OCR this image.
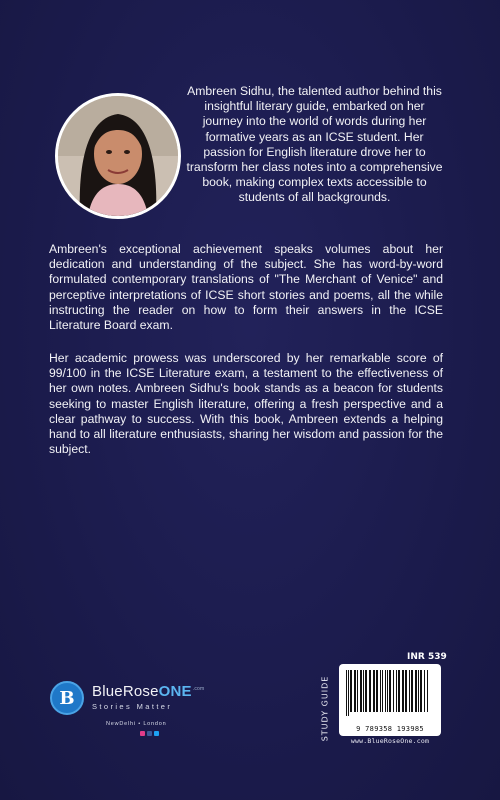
Ambreen Sidhu, the talented author behind this insightful literary guide, embarked on her journey into the world of words during her formative years as an ICSE student. Her passion for English literature drove her to transform her class notes into a comprehensive book, making complex texts accessible to students of all backgrounds.

Ambreen's exceptional achievement speaks volumes about her dedication and understanding of the subject. She has word-by-word formulated contemporary translations of "The Merchant of Venice" and perceptive interpretations of ICSE short stories and poems, all the while instructing the reader on how to form their answers in the ICSE Literature Board exam.

Her academic prowess was underscored by her remarkable score of 99/100 in the ICSE Literature exam, a testament to the effectiveness of her own notes. Ambreen Sidhu's book stands as a beacon for students seeking to master English literature, offering a fresh perspective and a clear pathway to success. With this book, Ambreen extends a helping hand to all literature enthusiasts, sharing her wisdom and passion for the subject.

B	BlueRoseONE$^{.com}$
Stories Matter
NewDelhi • London	STUDY GUIDE
INR 539
9 789358 193985
www.BlueRoseOne.com
